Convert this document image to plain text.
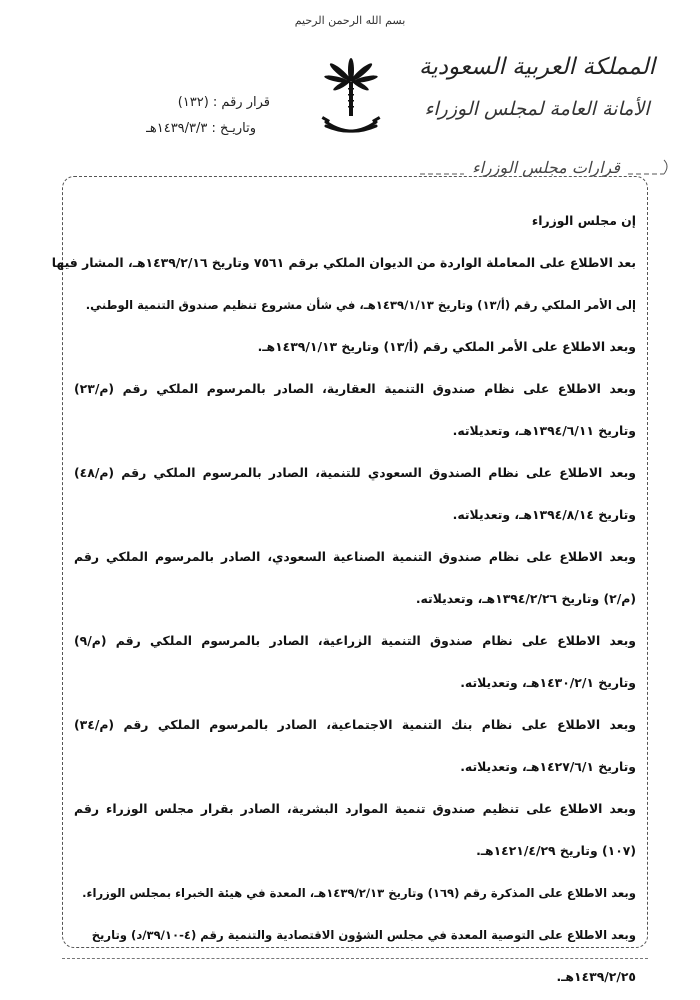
بسم الله الرحمن الرحيم
المملكة العربية السعودية
الأمانة العامة لمجلس الوزراء
قرار رقم : (١٣٢)
وتاريـخ : ١٤٣٩/٣/٣هـ
قرارات مجلس الوزراء
إن مجلس الوزراء
بعد الاطلاع على المعاملة الواردة من الديوان الملكي برقم ٧٥٦١ وتاريخ ١٤٣٩/٢/١٦هـ، المشار فيها
إلى الأمر الملكي رقم (أ/١٣) وتاريخ ١٤٣٩/١/١٣هـ، في شأن مشروع تنظيم صندوق التنمية الوطني.
وبعد الاطلاع على الأمر الملكي رقم (أ/١٣) وتاريخ ١٤٣٩/١/١٣هـ.
وبعد الاطلاع على نظام صندوق التنمية العقارية، الصادر بالمرسوم الملكي رقم (م/٢٣)
وتاريخ ١٣٩٤/٦/١١هـ، وتعديلاته.
وبعد الاطلاع على نظام الصندوق السعودي للتنمية، الصادر بالمرسوم الملكي رقم (م/٤٨)
وتاريخ ١٣٩٤/٨/١٤هـ، وتعديلاته.
وبعد الاطلاع على نظام صندوق التنمية الصناعية السعودي، الصادر بالمرسوم الملكي رقم
(م/٢) وتاريخ ١٣٩٤/٢/٢٦هـ، وتعديلاته.
وبعد الاطلاع على نظام صندوق التنمية الزراعية، الصادر بالمرسوم الملكي رقم (م/٩)
وتاريخ ١٤٣٠/٢/١هـ، وتعديلاته.
وبعد الاطلاع على نظام بنك التنمية الاجتماعية، الصادر بالمرسوم الملكي رقم (م/٣٤)
وتاريخ ١٤٢٧/٦/١هـ، وتعديلاته.
وبعد الاطلاع على تنظيم صندوق تنمية الموارد البشرية، الصادر بقرار مجلس الوزراء رقم
(١٠٧) وتاريخ ١٤٢١/٤/٢٩هـ.
وبعد الاطلاع على المذكرة رقم (١٦٩) وتاريخ ١٤٣٩/٢/١٣هـ، المعدة في هيئة الخبراء بمجلس الوزراء.
وبعد الاطلاع على التوصية المعدة في مجلس الشؤون الاقتصادية والتنمية رقم (٤-٣٩/١٠/د) وتاريخ
١٤٣٩/٢/٢٥هـ.
